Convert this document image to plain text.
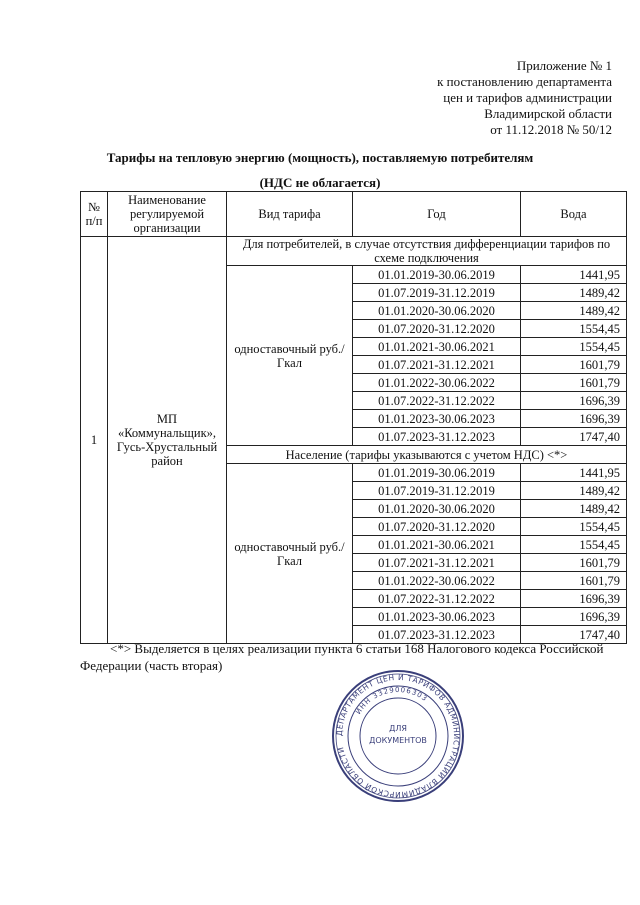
Приложение № 1
к постановлению департамента
цен и тарифов администрации
Владимирской области
от 11.12.2018 № 50/12
Тарифы на тепловую энергию (мощность), поставляемую потребителям
(НДС не облагается)
№ п/п	Наименование регулируемой организации	Вид тарифа	Год	Вода
1	МП «Коммунальщик», Гусь-Хрустальный район	Для потребителей, в случае отсутствия дифференциации тарифов по схеме подключения		
		одноставочный руб./Гкал	01.01.2019-30.06.2019	1441,95
			01.07.2019-31.12.2019	1489,42
			01.01.2020-30.06.2020	1489,42
			01.07.2020-31.12.2020	1554,45
			01.01.2021-30.06.2021	1554,45
			01.07.2021-31.12.2021	1601,79
			01.01.2022-30.06.2022	1601,79
			01.07.2022-31.12.2022	1696,39
			01.01.2023-30.06.2023	1696,39
			01.07.2023-31.12.2023	1747,40
		Население (тарифы указываются с учетом НДС) <*>		
		одноставочный руб./Гкал	01.01.2019-30.06.2019	1441,95
			01.07.2019-31.12.2019	1489,42
			01.01.2020-30.06.2020	1489,42
			01.07.2020-31.12.2020	1554,45
			01.01.2021-30.06.2021	1554,45
			01.07.2021-31.12.2021	1601,79
			01.01.2022-30.06.2022	1601,79
			01.07.2022-31.12.2022	1696,39
			01.01.2023-30.06.2023	1696,39
			01.07.2023-31.12.2023	1747,40
<*> Выделяется в целях реализации пункта 6 статьи 168 Налогового кодекса Российской Федерации (часть вторая)
ДЕПАРТАМЕНТ ЦЕН И ТАРИФОВ АДМИНИСТРАЦИИ ВЛАДИМИРСКОЙ ОБЛАСТИ
ИНН 3329006303
ДЛЯ
ДОКУМЕНТОВ
